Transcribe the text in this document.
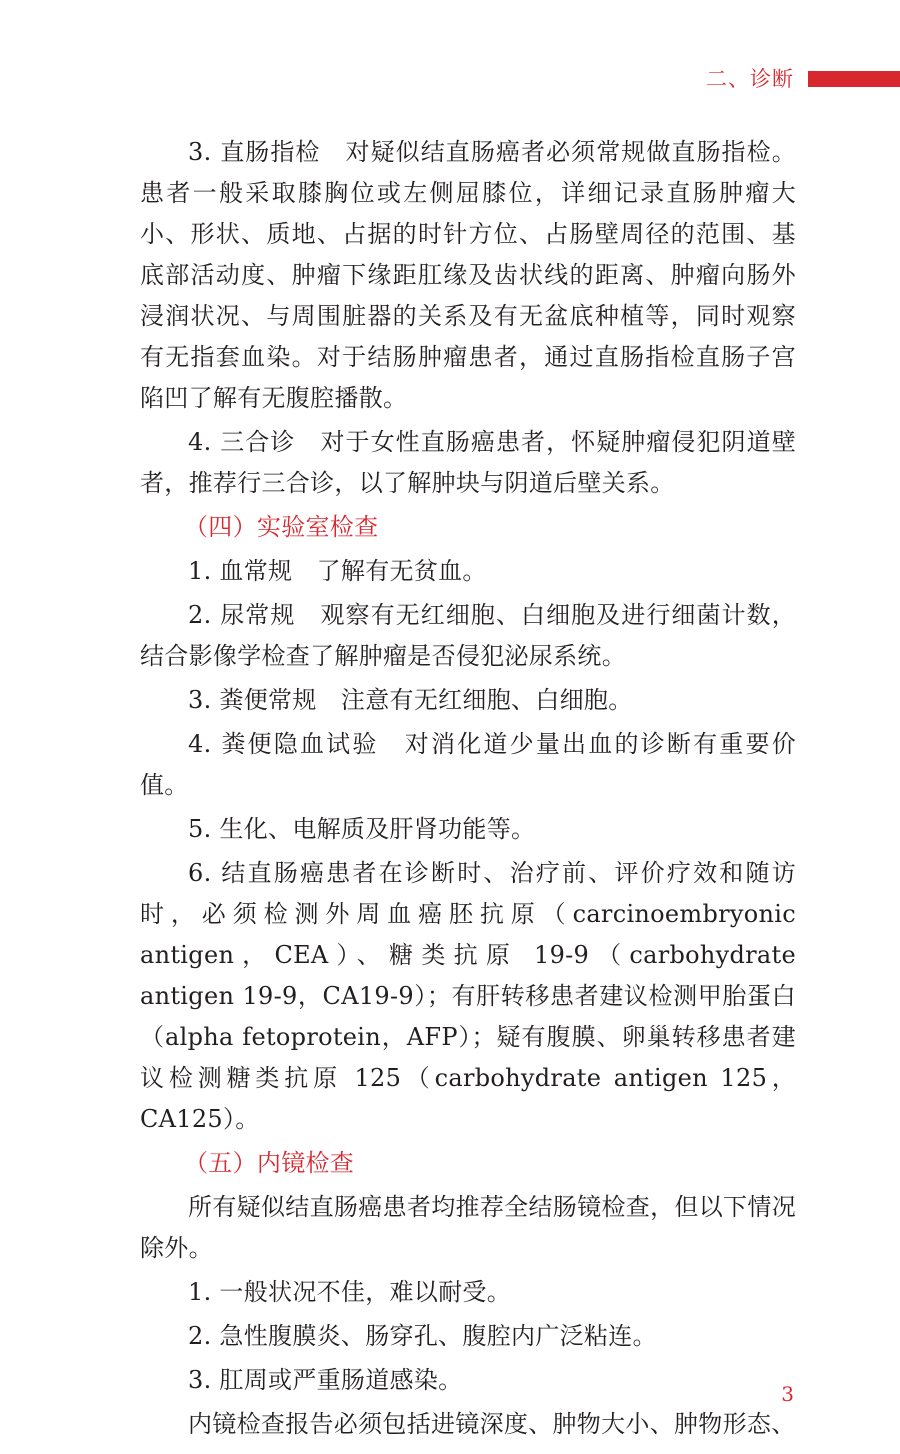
二、诊断

3. 直肠指检　对疑似结直肠癌者必须常规做直肠指检。患者一般采取膝胸位或左侧屈膝位，详细记录直肠肿瘤大小、形状、质地、占据的时针方位、占肠壁周径的范围、基底部活动度、肿瘤下缘距肛缘及齿状线的距离、肿瘤向肠外浸润状况、与周围脏器的关系及有无盆底种植等，同时观察有无指套血染。对于结肠肿瘤患者，通过直肠指检直肠子宫陷凹了解有无腹腔播散。

4. 三合诊　对于女性直肠癌患者，怀疑肿瘤侵犯阴道壁者，推荐行三合诊，以了解肿块与阴道后壁关系。

（四）实验室检查

1. 血常规　了解有无贫血。

2. 尿常规　观察有无红细胞、白细胞及进行细菌计数，结合影像学检查了解肿瘤是否侵犯泌尿系统。

3. 粪便常规　注意有无红细胞、白细胞。

4. 粪便隐血试验　对消化道少量出血的诊断有重要价值。

5. 生化、电解质及肝肾功能等。

6. 结直肠癌患者在诊断时、治疗前、评价疗效和随访时，必须检测外周血癌胚抗原（carcinoembryonic antigen，CEA）、糖类抗原 19-9（carbohydrate antigen 19-9，CA19-9）；有肝转移患者建议检测甲胎蛋白（alpha fetoprotein，AFP）；疑有腹膜、卵巢转移患者建议检测糖类抗原 125（carbohydrate antigen 125，CA125）。

（五）内镜检查

所有疑似结直肠癌患者均推荐全结肠镜检查，但以下情况除外。

1. 一般状况不佳，难以耐受。

2. 急性腹膜炎、肠穿孔、腹腔内广泛粘连。

3. 肛周或严重肠道感染。

内镜检查报告必须包括进镜深度、肿物大小、肿物形态、

3
